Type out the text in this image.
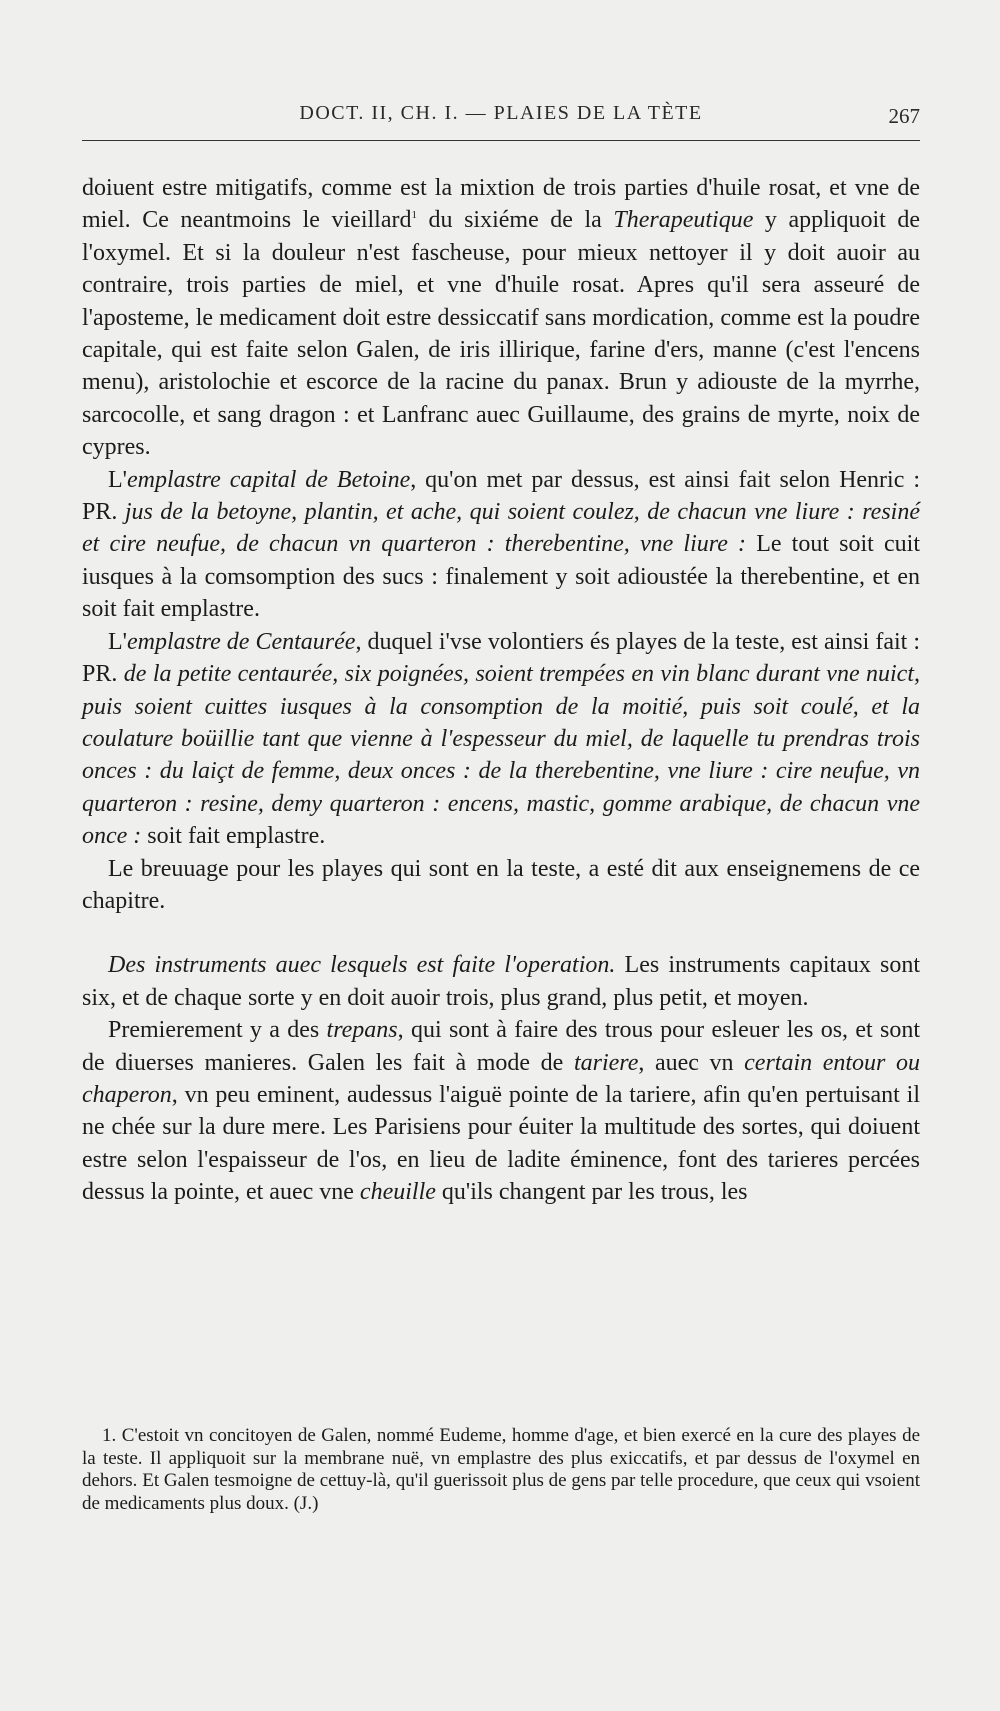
DOCT. II, CH. I. — PLAIES DE LA TÈTE	267

doiuent estre mitigatifs, comme est la mixtion de trois parties d'huile rosat, et vne de miel. Ce neantmoins le vieillard$^1$ du sixiéme de la Therapeutique y appliquoit de l'oxymel. Et si la douleur n'est fascheuse, pour mieux nettoyer il y doit auoir au contraire, trois parties de miel, et vne d'huile rosat. Apres qu'il sera asseuré de l'aposteme, le medicament doit estre dessiccatif sans mordication, comme est la poudre capitale, qui est faite selon Galen, de iris illirique, farine d'ers, manne (c'est l'encens menu), aristolochie et escorce de la racine du panax. Brun y adiouste de la myrrhe, sarcocolle, et sang dragon : et Lanfranc auec Guillaume, des grains de myrte, noix de cypres.

L'emplastre capital de Betoine, qu'on met par dessus, est ainsi fait selon Henric : PR. jus de la betoyne, plantin, et ache, qui soient coulez, de chacun vne liure : resiné et cire neufue, de chacun vn quarteron : therebentine, vne liure : Le tout soit cuit iusques à la comsomption des sucs : finalement y soit adioustée la therebentine, et en soit fait emplastre.

L'emplastre de Centaurée, duquel i'vse volontiers és playes de la teste, est ainsi fait : PR. de la petite centaurée, six poignées, soient trempées en vin blanc durant vne nuict, puis soient cuittes iusques à la consomption de la moitié, puis soit coulé, et la coulature boüillie tant que vienne à l'espesseur du miel, de laquelle tu prendras trois onces : du laiçt de femme, deux onces : de la therebentine, vne liure : cire neufue, vn quarteron : resine, demy quarteron : encens, mastic, gomme arabique, de chacun vne once : soit fait emplastre.

Le breuuage pour les playes qui sont en la teste, a esté dit aux enseignemens de ce chapitre.

Des instruments auec lesquels est faite l'operation. Les instruments capitaux sont six, et de chaque sorte y en doit auoir trois, plus grand, plus petit, et moyen.

Premierement y a des trepans, qui sont à faire des trous pour esleuer les os, et sont de diuerses manieres. Galen les fait à mode de tariere, auec vn certain entour ou chaperon, vn peu eminent, audessus l'aiguë pointe de la tariere, afin qu'en pertuisant il ne chée sur la dure mere. Les Parisiens pour éuiter la multitude des sortes, qui doiuent estre selon l'espaisseur de l'os, en lieu de ladite éminence, font des tarieres percées dessus la pointe, et auec vne cheuille qu'ils changent par les trous, les

1. C'estoit vn concitoyen de Galen, nommé Eudeme, homme d'age, et bien exercé en la cure des playes de la teste. Il appliquoit sur la membrane nuë, vn emplastre des plus exiccatifs, et par dessus de l'oxymel en dehors. Et Galen tesmoigne de cettuy-là, qu'il guerissoit plus de gens par telle procedure, que ceux qui vsoient de medicaments plus doux. (J.)
